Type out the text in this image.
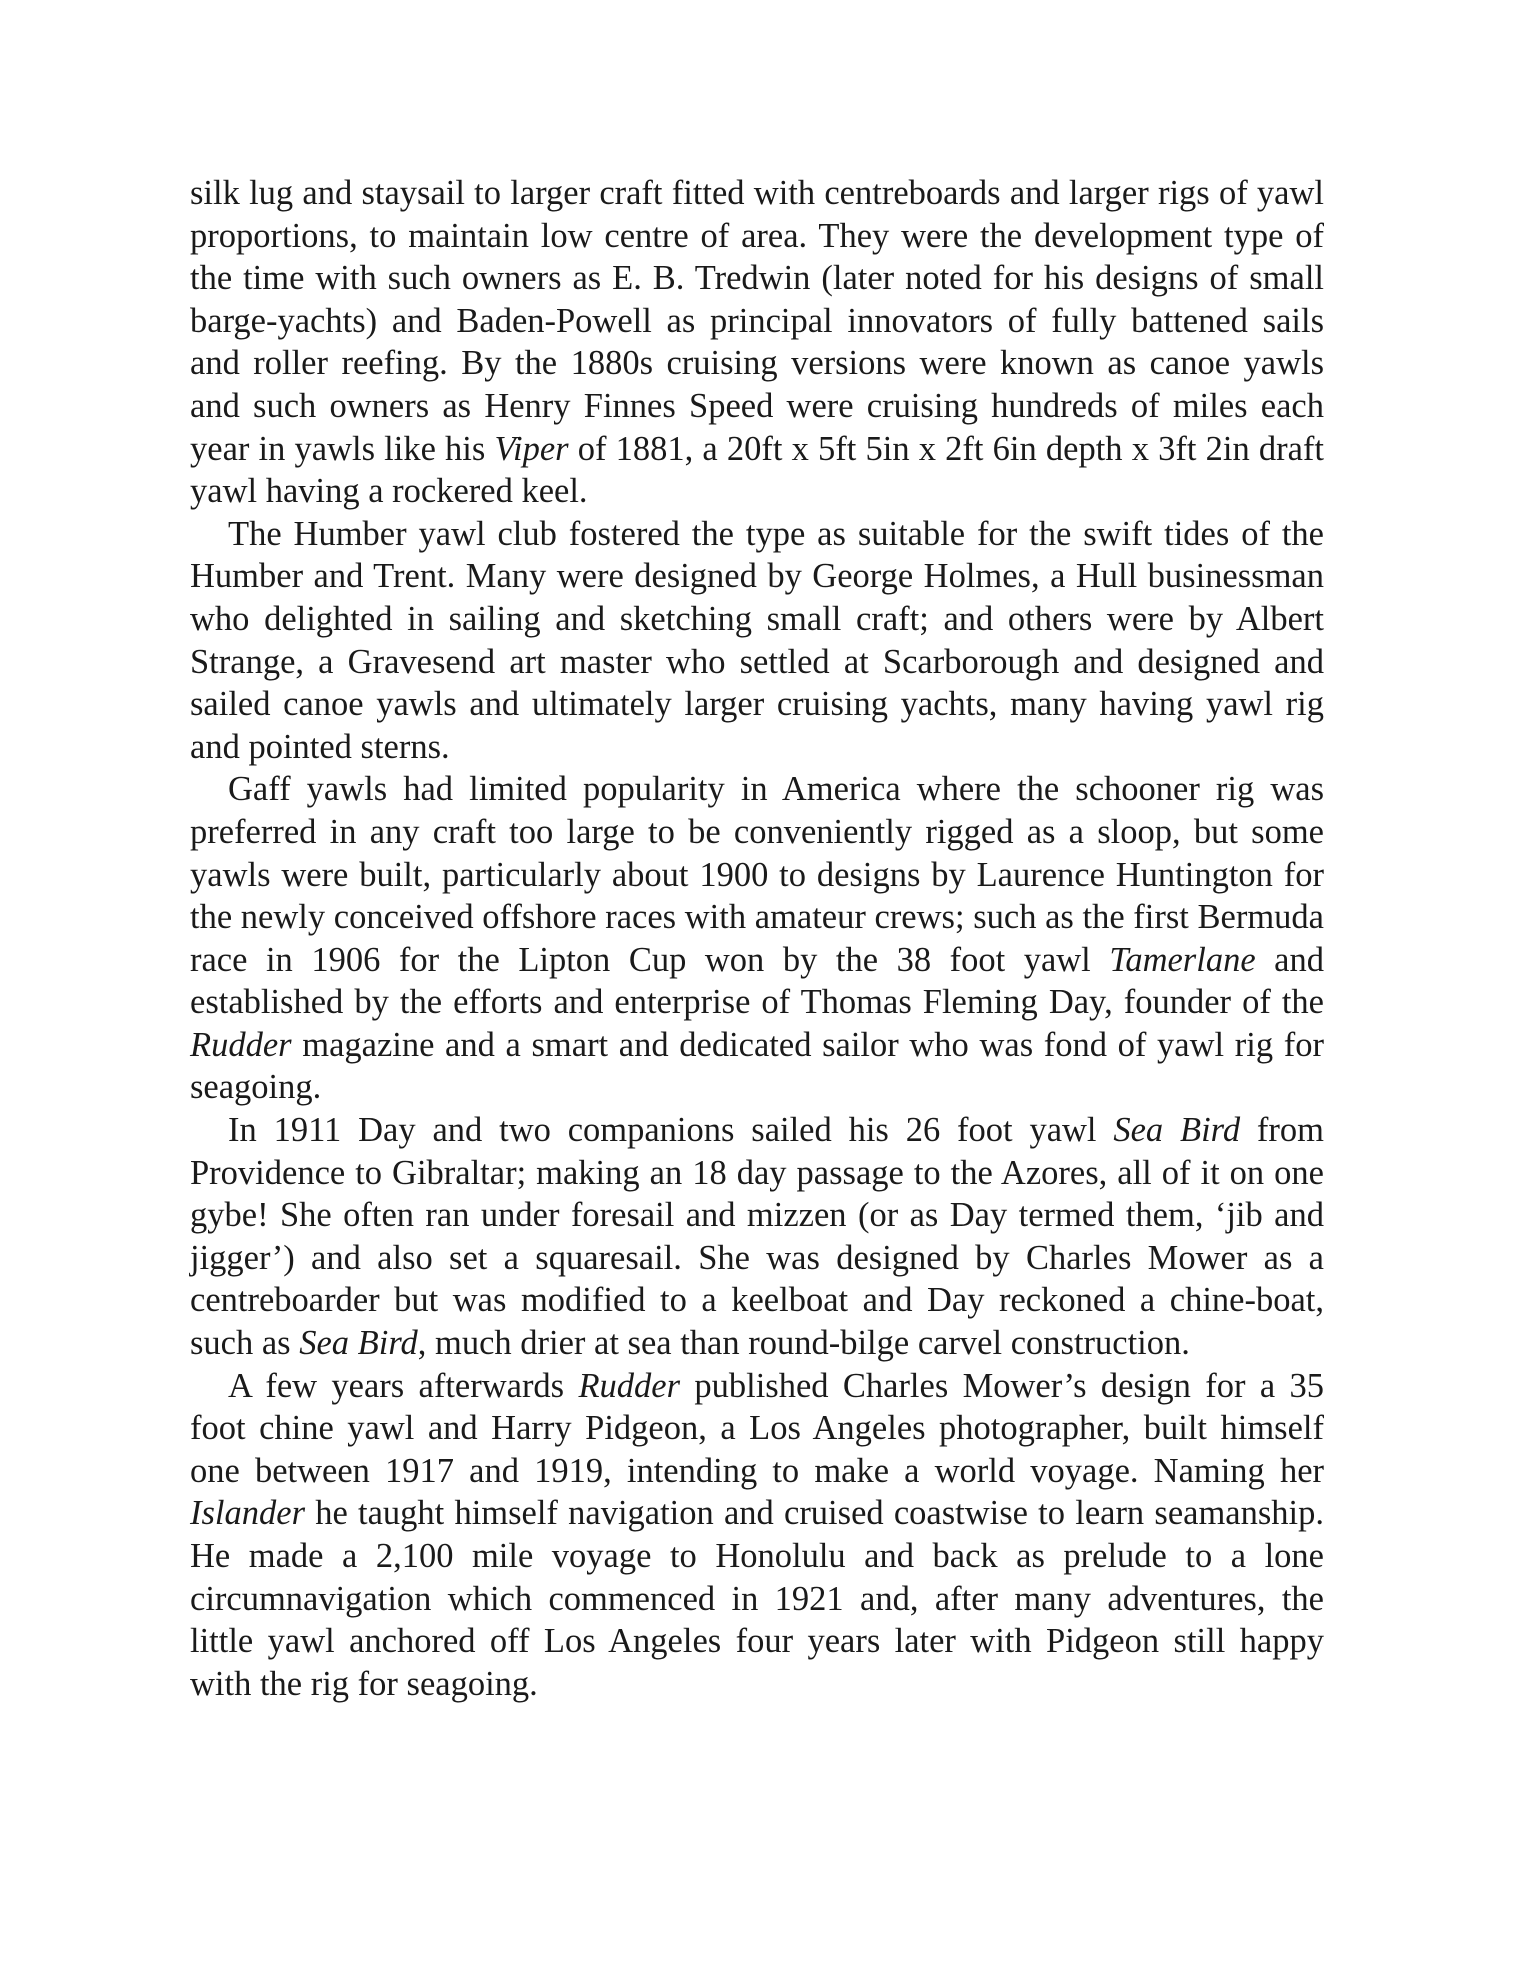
silk lug and staysail to larger craft fitted with centreboards and larger rigs of yawl proportions, to maintain low centre of area. They were the development type of the time with such owners as E. B. Tredwin (later noted for his designs of small barge-yachts) and Baden-Powell as principal innovators of fully battened sails and roller reefing. By the 1880s cruising versions were known as canoe yawls and such owners as Henry Finnes Speed were cruising hundreds of miles each year in yawls like his Viper of 1881, a 20ft x 5ft 5in x 2ft 6in depth x 3ft 2in draft yawl having a rockered keel.

The Humber yawl club fostered the type as suitable for the swift tides of the Humber and Trent. Many were designed by George Holmes, a Hull businessman who delighted in sailing and sketching small craft; and others were by Albert Strange, a Gravesend art master who settled at Scarborough and designed and sailed canoe yawls and ultimately larger cruising yachts, many having yawl rig and pointed sterns.

Gaff yawls had limited popularity in America where the schooner rig was preferred in any craft too large to be conveniently rigged as a sloop, but some yawls were built, particularly about 1900 to designs by Laurence Huntington for the newly conceived offshore races with amateur crews; such as the first Bermuda race in 1906 for the Lipton Cup won by the 38 foot yawl Tamerlane and established by the efforts and enterprise of Thomas Fleming Day, founder of the Rudder magazine and a smart and dedicated sailor who was fond of yawl rig for seagoing.

In 1911 Day and two companions sailed his 26 foot yawl Sea Bird from Providence to Gibraltar; making an 18 day passage to the Azores, all of it on one gybe! She often ran under foresail and mizzen (or as Day termed them, ‘jib and jigger’) and also set a squaresail. She was designed by Charles Mower as a centreboarder but was modified to a keelboat and Day reckoned a chine-boat, such as Sea Bird, much drier at sea than round-bilge carvel construction.

A few years afterwards Rudder published Charles Mower’s design for a 35 foot chine yawl and Harry Pidgeon, a Los Angeles photographer, built himself one between 1917 and 1919, intending to make a world voyage. Naming her Islander he taught himself navigation and cruised coastwise to learn seamanship. He made a 2,100 mile voyage to Honolulu and back as prelude to a lone circumnavigation which commenced in 1921 and, after many adventures, the little yawl anchored off Los Angeles four years later with Pidgeon still happy with the rig for seagoing.
